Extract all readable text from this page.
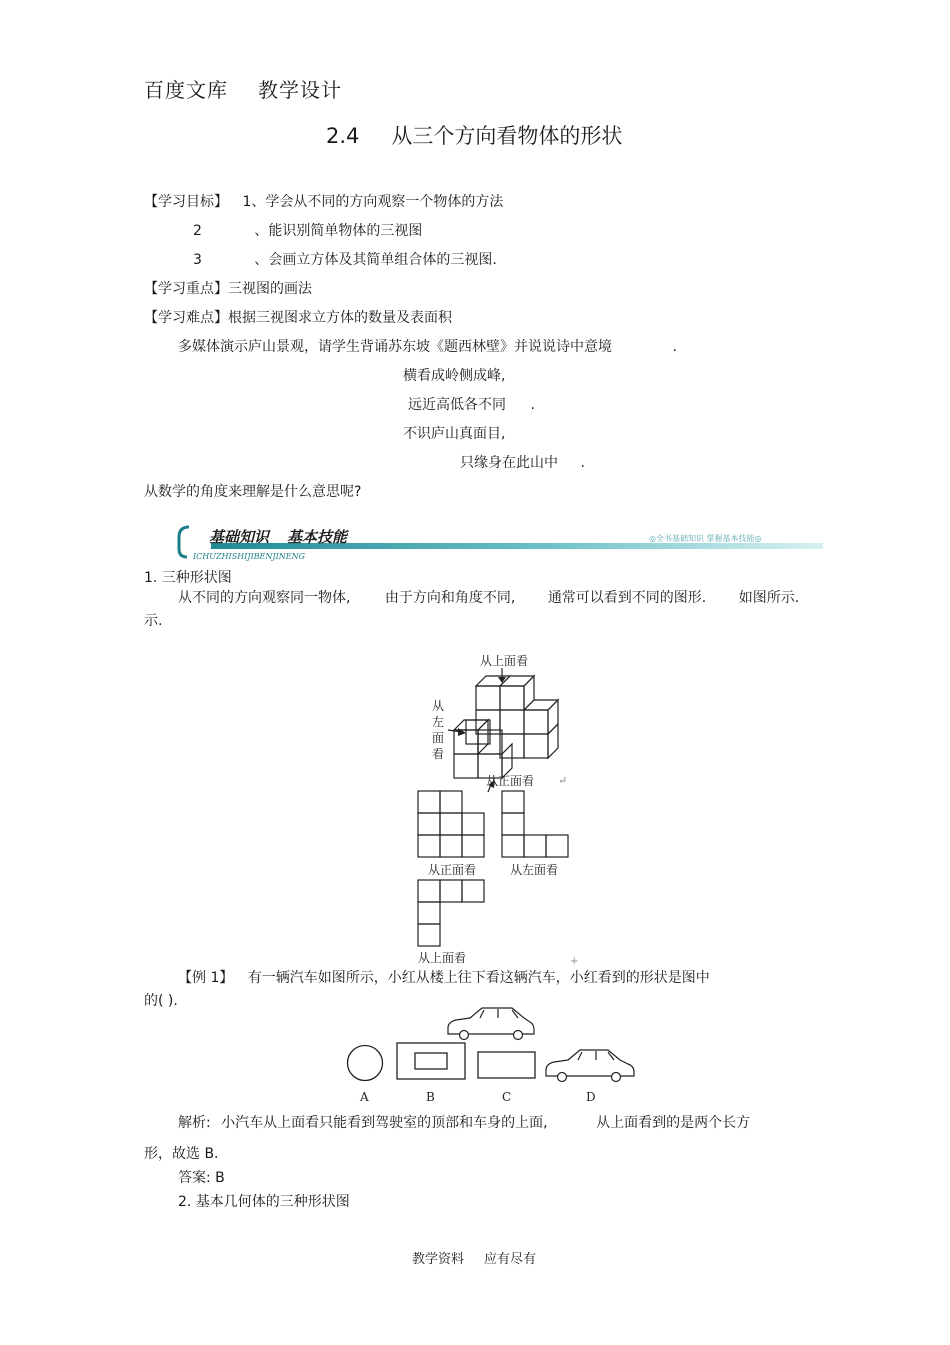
百度文库 教学设计
2.4 从三个方向看物体的形状
【学习目标】 1、学会从不同的方向观察一个物体的方法
2	、能识别简单物体的三视图
3	、会画立方体及其简单组合体的三视图.
【学习重点】三视图的画法
【学习难点】根据三视图求立方体的数量及表面积
多媒体演示庐山景观，请学生背诵苏东坡《题西林壁》并说说诗中意境	.
横看成岭侧成峰,
远近高低各不同 .
不识庐山真面目,
只缘身在此山中 .
从数学的角度来理解是什么意思呢?
基础知识 基本技能
ICHUZHISHIJIBENJINENG
◎全书基础知识 掌握基本技能◎
1. 三种形状图
从不同的方向观察同一物体, 由于方向和角度不同, 通常可以看到不同的图形. 如图所示.
示.
从上面看
从
左
面
看
从正面看 ↵
从正面看	从左面看
从上面看	+
【例 1】 有一辆汽车如图所示，小红从楼上往下看这辆汽车，小红看到的形状是图中
的( ).
A	B	C	D
解析: 小汽车从上面看只能看到驾驶室的顶部和车身的上面,	从上面看到的是两个长方
形，故选 B.
答案: B
2. 基本几何体的三种形状图
教学资料 应有尽有
